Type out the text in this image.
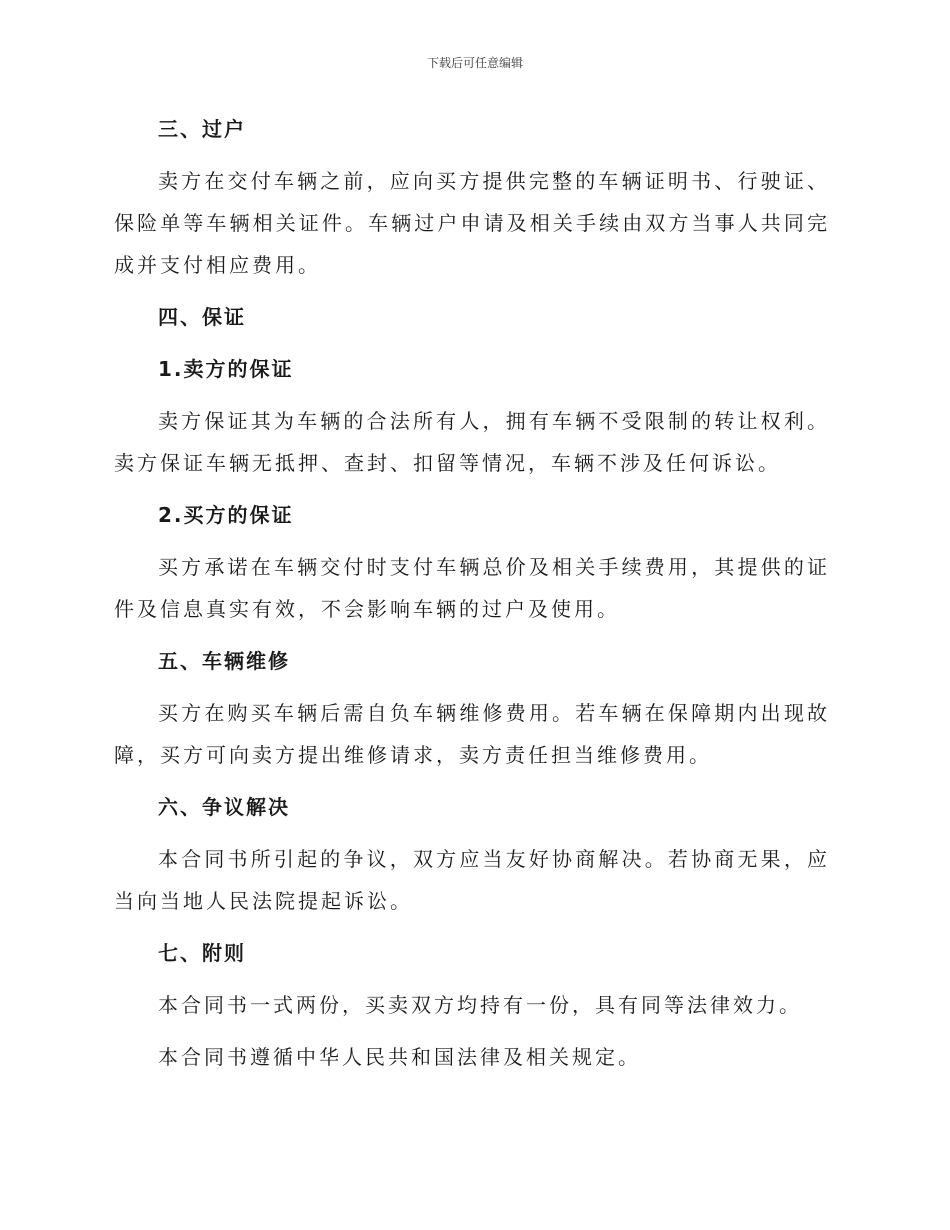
下载后可任意编辑
三、过户

卖方在交付车辆之前，应向买方提供完整的车辆证明书、行驶证、保险单等车辆相关证件。车辆过户申请及相关手续由双方当事人共同完成并支付相应费用。

四、保证
1.卖方的保证

卖方保证其为车辆的合法所有人，拥有车辆不受限制的转让权利。卖方保证车辆无抵押、查封、扣留等情况，车辆不涉及任何诉讼。

2.买方的保证

买方承诺在车辆交付时支付车辆总价及相关手续费用，其提供的证件及信息真实有效，不会影响车辆的过户及使用。

五、车辆维修

买方在购买车辆后需自负车辆维修费用。若车辆在保障期内出现故障，买方可向卖方提出维修请求，卖方责任担当维修费用。

六、争议解决

本合同书所引起的争议，双方应当友好协商解决。若协商无果，应当向当地人民法院提起诉讼。

七、附则

本合同书一式两份，买卖双方均持有一份，具有同等法律效力。

本合同书遵循中华人民共和国法律及相关规定。
